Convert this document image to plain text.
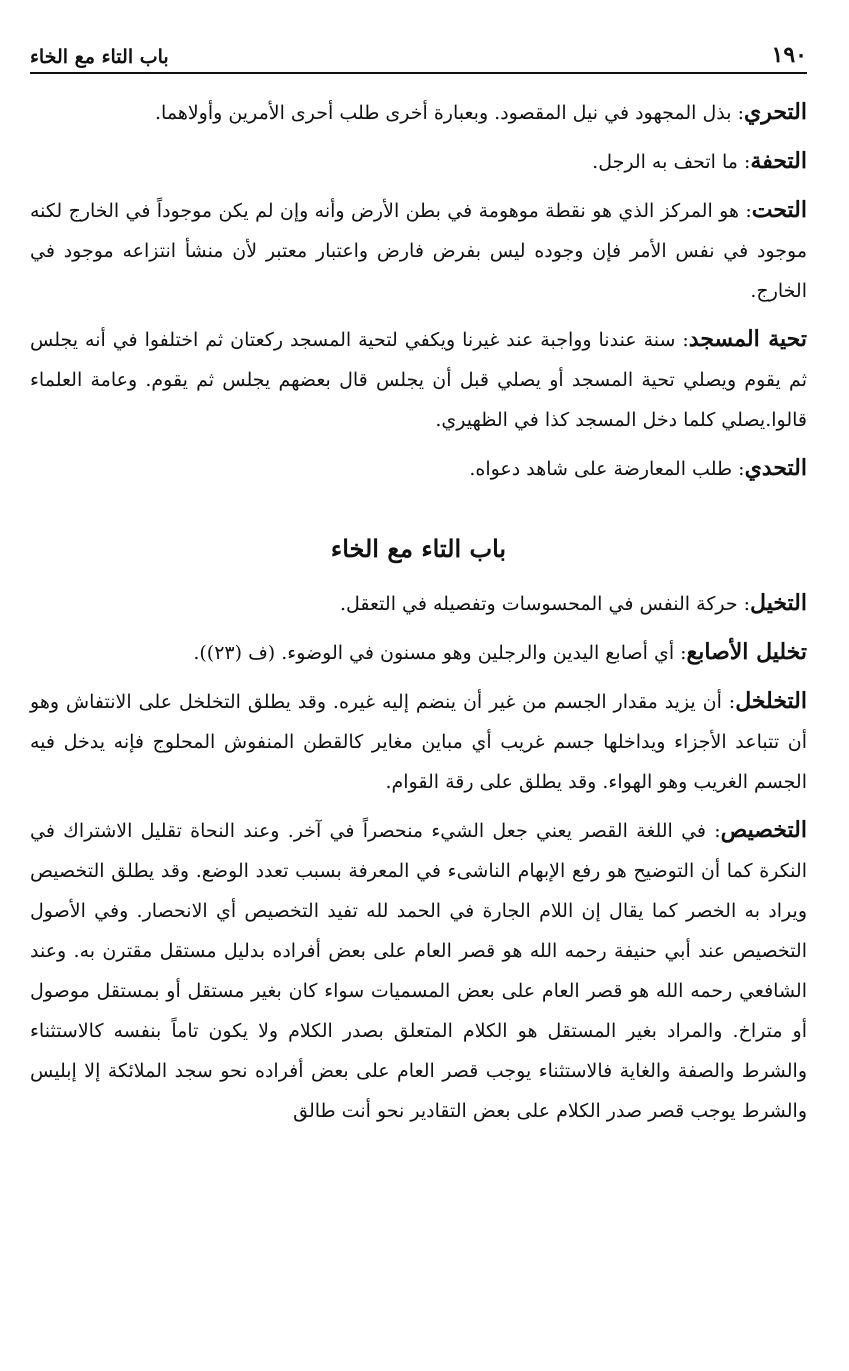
١٩٠
باب التاء مع الخاء

التحري: بذل المجهود في نيل المقصود. وبعبارة أخرى طلب أحرى الأمرين وأولاهما.

التحفة: ما اتحف به الرجل.

التحت: هو المركز الذي هو نقطة موهومة في بطن الأرض وأنه وإن لم يكن موجوداً في الخارج لكنه موجود في نفس الأمر فإن وجوده ليس بفرض فارض واعتبار معتبر لأن منشأ انتزاعه موجود في الخارج.

تحية المسجد: سنة عندنا وواجبة عند غيرنا ويكفي لتحية المسجد ركعتان ثم اختلفوا في أنه يجلس ثم يقوم ويصلي تحية المسجد أو يصلي قبل أن يجلس قال بعضهم يجلس ثم يقوم. وعامة العلماء قالوا.يصلي كلما دخل المسجد كذا في الظهيري.

التحدي: طلب المعارضة على شاهد دعواه.

باب التاء مع الخاء

التخيل: حركة النفس في المحسوسات وتفصيله في التعقل.

تخليل الأصابع: أي أصابع اليدين والرجلين وهو مسنون في الوضوء. (ف (٢٣)).

التخلخل: أن يزيد مقدار الجسم من غير أن ينضم إليه غيره. وقد يطلق التخلخل على الانتفاش وهو أن تتباعد الأجزاء ويداخلها جسم غريب أي مباين مغاير كالقطن المنفوش المحلوج فإنه يدخل فيه الجسم الغريب وهو الهواء. وقد يطلق على رقة القوام.

التخصيص: في اللغة القصر يعني جعل الشيء منحصراً في آخر. وعند النحاة تقليل الاشتراك في النكرة كما أن التوضيح هو رفع الإبهام الناشىء في المعرفة بسبب تعدد الوضع. وقد يطلق التخصيص ويراد به الخصر كما يقال إن اللام الجارة في الحمد لله تفيد التخصيص أي الانحصار. وفي الأصول التخصيص عند أبي حنيفة رحمه الله هو قصر العام على بعض أفراده بدليل مستقل مقترن به. وعند الشافعي رحمه الله هو قصر العام على بعض المسميات سواء كان بغير مستقل أو بمستقل موصول أو متراخ. والمراد بغير المستقل هو الكلام المتعلق بصدر الكلام ولا يكون تاماً بنفسه كالاستثناء والشرط والصفة والغاية فالاستثناء يوجب قصر العام على بعض أفراده نحو سجد الملائكة إلا إبليس والشرط يوجب قصر صدر الكلام على بعض التقادير نحو أنت طالق
